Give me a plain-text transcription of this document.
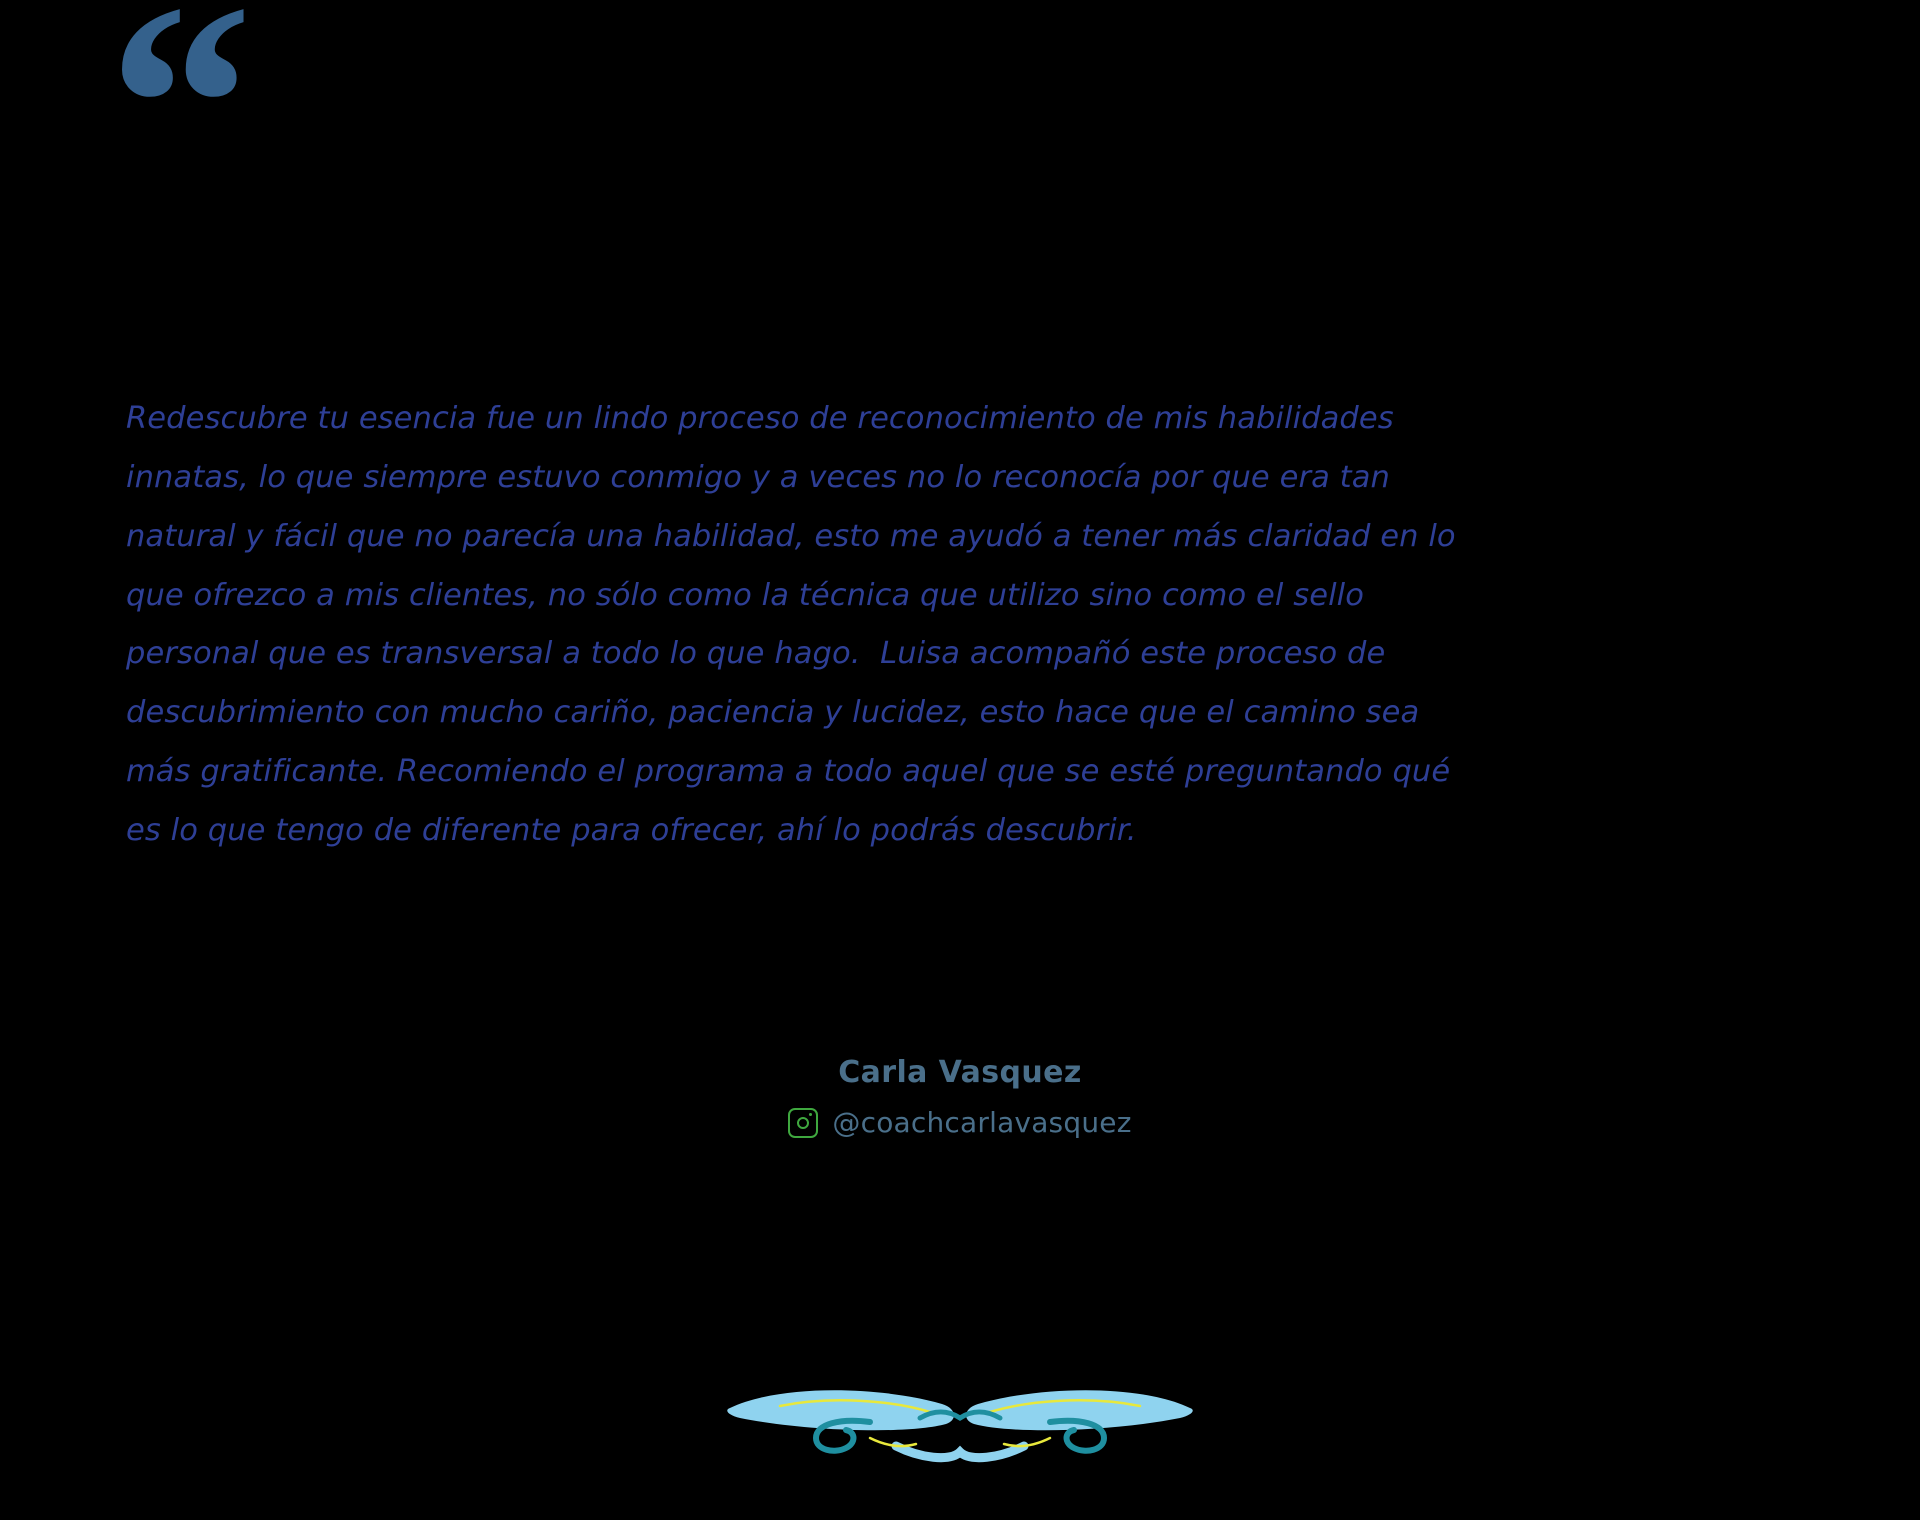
“
Redescubre tu esencia fue un lindo proceso de reconocimiento de mis habilidades innatas, lo que siempre estuvo conmigo y a veces no lo reconocía por que era tan natural y fácil que no parecía una habilidad, esto me ayudó a tener más claridad en lo que ofrezco a mis clientes, no sólo como la técnica que utilizo sino como el sello personal que es transversal a todo lo que hago.  Luisa acompañó este proceso de descubrimiento con mucho cariño, paciencia y lucidez, esto hace que el camino sea más gratificante. Recomiendo el programa a todo aquel que se esté preguntando qué es lo que tengo de diferente para ofrecer, ahí lo podrás descubrir.
Carla Vasquez
@coachcarlavasquez
